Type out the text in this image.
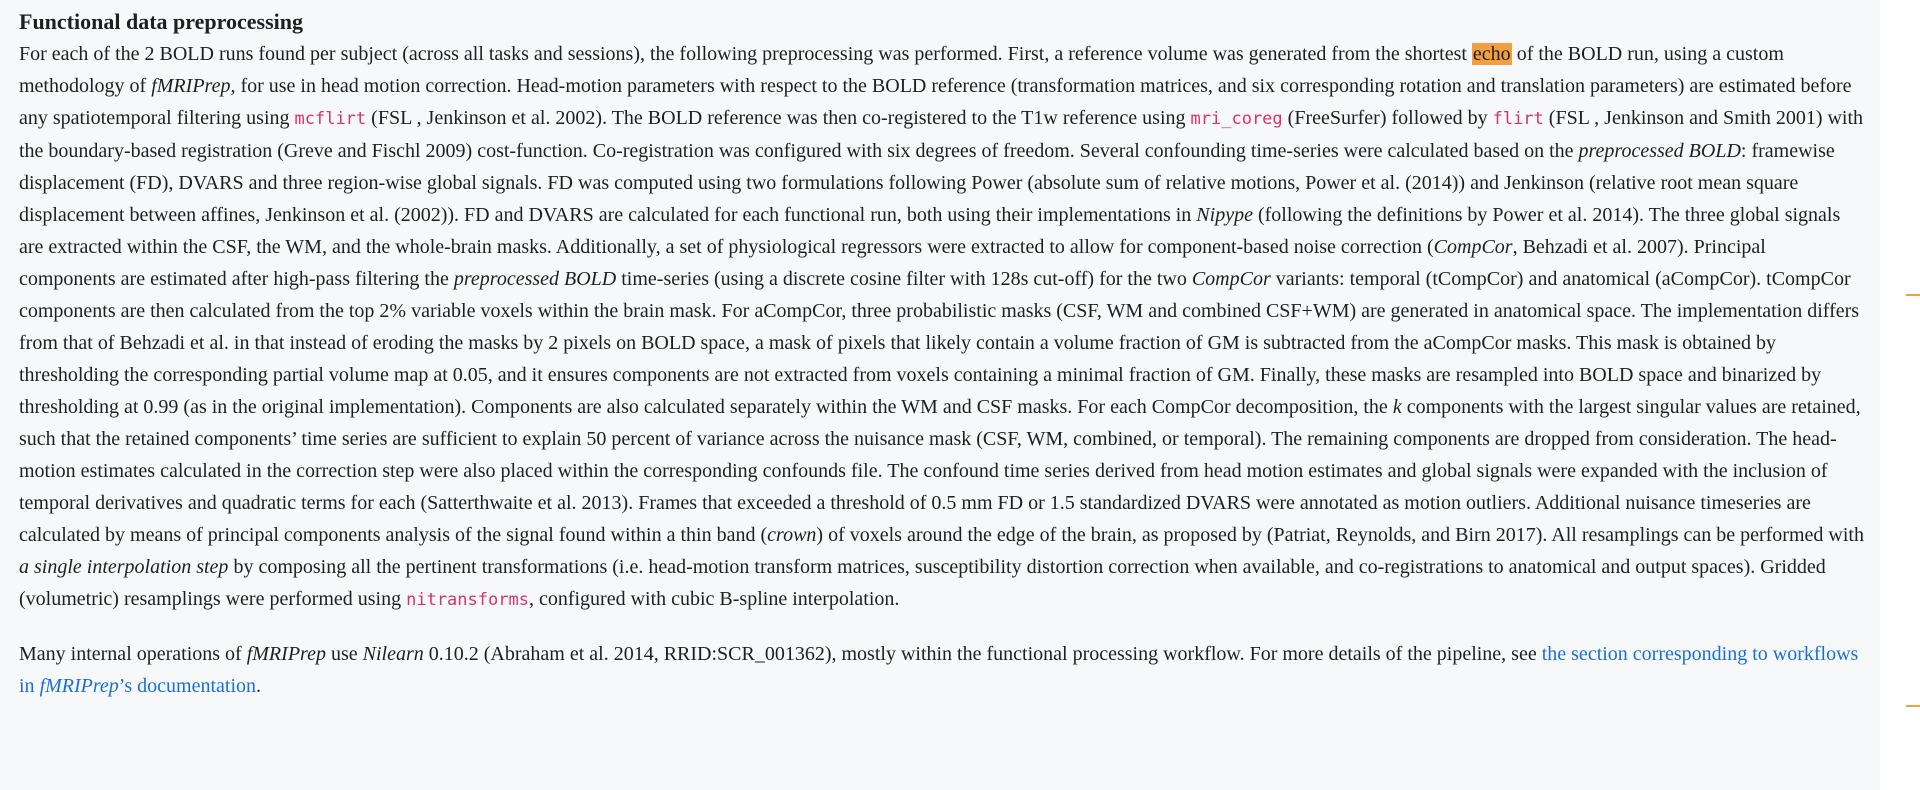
Functional data preprocessing

For each of the 2 BOLD runs found per subject (across all tasks and sessions), the following preprocessing was performed. First, a reference volume was generated from the shortest echo of the BOLD run, using a custom methodology of fMRIPrep, for use in head motion correction. Head-motion parameters with respect to the BOLD reference (transformation matrices, and six corresponding rotation and translation parameters) are estimated before any spatiotemporal filtering using mcflirt (FSL , Jenkinson et al. 2002). The BOLD reference was then co-registered to the T1w reference using mri_coreg (FreeSurfer) followed by flirt (FSL , Jenkinson and Smith 2001) with the boundary-based registration (Greve and Fischl 2009) cost-function. Co-registration was configured with six degrees of freedom. Several confounding time-series were calculated based on the preprocessed BOLD: framewise displacement (FD), DVARS and three region-wise global signals. FD was computed using two formulations following Power (absolute sum of relative motions, Power et al. (2014)) and Jenkinson (relative root mean square displacement between affines, Jenkinson et al. (2002)). FD and DVARS are calculated for each functional run, both using their implementations in Nipype (following the definitions by Power et al. 2014). The three global signals are extracted within the CSF, the WM, and the whole-brain masks. Additionally, a set of physiological regressors were extracted to allow for component-based noise correction (CompCor, Behzadi et al. 2007). Principal components are estimated after high-pass filtering the preprocessed BOLD time-series (using a discrete cosine filter with 128s cut-off) for the two CompCor variants: temporal (tCompCor) and anatomical (aCompCor). tCompCor components are then calculated from the top 2% variable voxels within the brain mask. For aCompCor, three probabilistic masks (CSF, WM and combined CSF+WM) are generated in anatomical space. The implementation differs from that of Behzadi et al. in that instead of eroding the masks by 2 pixels on BOLD space, a mask of pixels that likely contain a volume fraction of GM is subtracted from the aCompCor masks. This mask is obtained by thresholding the corresponding partial volume map at 0.05, and it ensures components are not extracted from voxels containing a minimal fraction of GM. Finally, these masks are resampled into BOLD space and binarized by thresholding at 0.99 (as in the original implementation). Components are also calculated separately within the WM and CSF masks. For each CompCor decomposition, the k components with the largest singular values are retained, such that the retained components’ time series are sufficient to explain 50 percent of variance across the nuisance mask (CSF, WM, combined, or temporal). The remaining components are dropped from consideration. The head-motion estimates calculated in the correction step were also placed within the corresponding confounds file. The confound time series derived from head motion estimates and global signals were expanded with the inclusion of temporal derivatives and quadratic terms for each (Satterthwaite et al. 2013). Frames that exceeded a threshold of 0.5 mm FD or 1.5 standardized DVARS were annotated as motion outliers. Additional nuisance timeseries are calculated by means of principal components analysis of the signal found within a thin band (crown) of voxels around the edge of the brain, as proposed by (Patriat, Reynolds, and Birn 2017). All resamplings can be performed with a single interpolation step by composing all the pertinent transformations (i.e. head-motion transform matrices, susceptibility distortion correction when available, and co-registrations to anatomical and output spaces). Gridded (volumetric) resamplings were performed using nitransforms, configured with cubic B-spline interpolation.

Many internal operations of fMRIPrep use Nilearn 0.10.2 (Abraham et al. 2014, RRID:SCR_001362), mostly within the functional processing workflow. For more details of the pipeline, see the section corresponding to workflows in fMRIPrep’s documentation.
